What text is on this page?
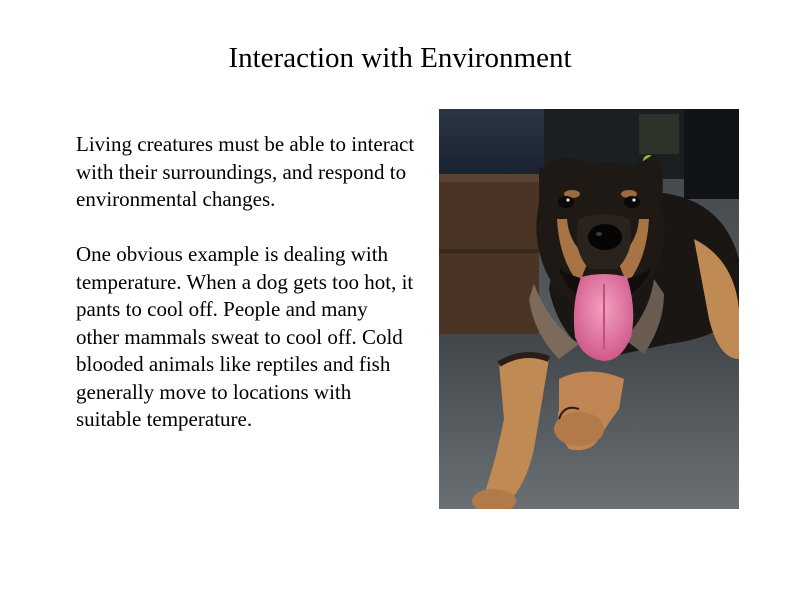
Interaction with Environment

Living creatures must be able to interact with their surroundings, and respond to environmental changes.

One obvious example is dealing with temperature. When a dog gets too hot, it pants to cool off. People and many other mammals sweat to cool off. Cold blooded animals like reptiles and fish generally move to locations with suitable temperature.
